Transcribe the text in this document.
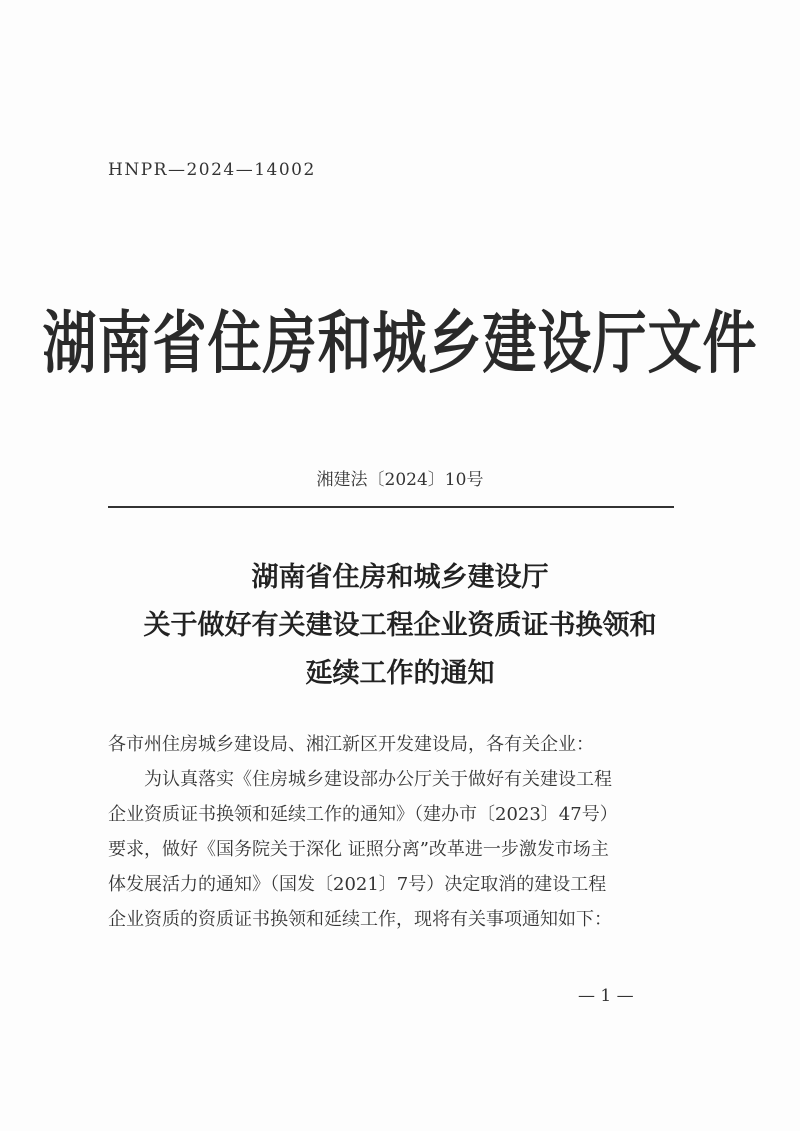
HNPR—2024—14002
湖南省住房和城乡建设厅文件
湘建法〔2024〕10号
湖南省住房和城乡建设厅
关于做好有关建设工程企业资质证书换领和
延续工作的通知
各市州住房城乡建设局、湘江新区开发建设局，各有关企业：
为认真落实《住房城乡建设部办公厅关于做好有关建设工程
企业资质证书换领和延续工作的通知》（建办市〔2023〕47号）
要求，做好《国务院关于深化 证照分离”改革进一步激发市场主
体发展活力的通知》（国发〔2021〕7号）决定取消的建设工程
企业资质的资质证书换领和延续工作，现将有关事项通知如下：
— 1 —
